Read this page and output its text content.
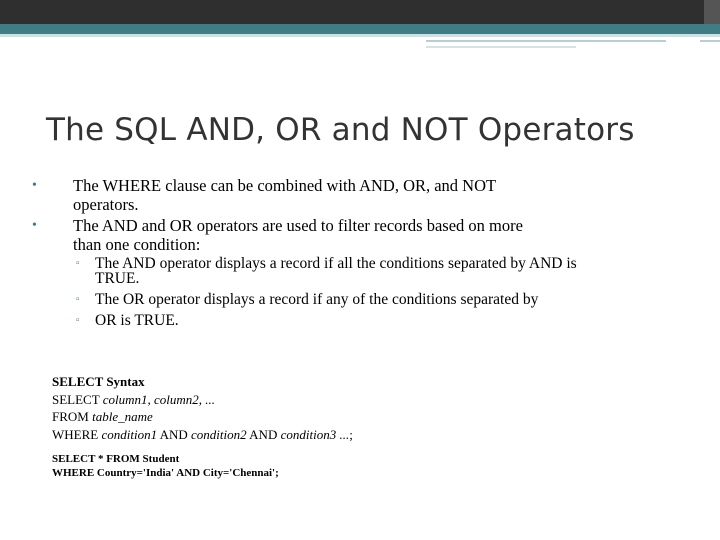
The SQL AND, OR and NOT Operators
• The WHERE clause can be combined with AND, OR, and NOT
operators.
• The AND and OR operators are used to filter records based on more
than one condition:
▫ The AND operator displays a record if all the conditions separated by AND is
TRUE.
▫ The OR operator displays a record if any of the conditions separated by
▫ OR is TRUE.
SELECT Syntax
SELECT column1, column2, ...
FROM table_name
WHERE condition1 AND condition2 AND condition3 ...;
SELECT * FROM Student
WHERE Country='India' AND City='Chennai';
